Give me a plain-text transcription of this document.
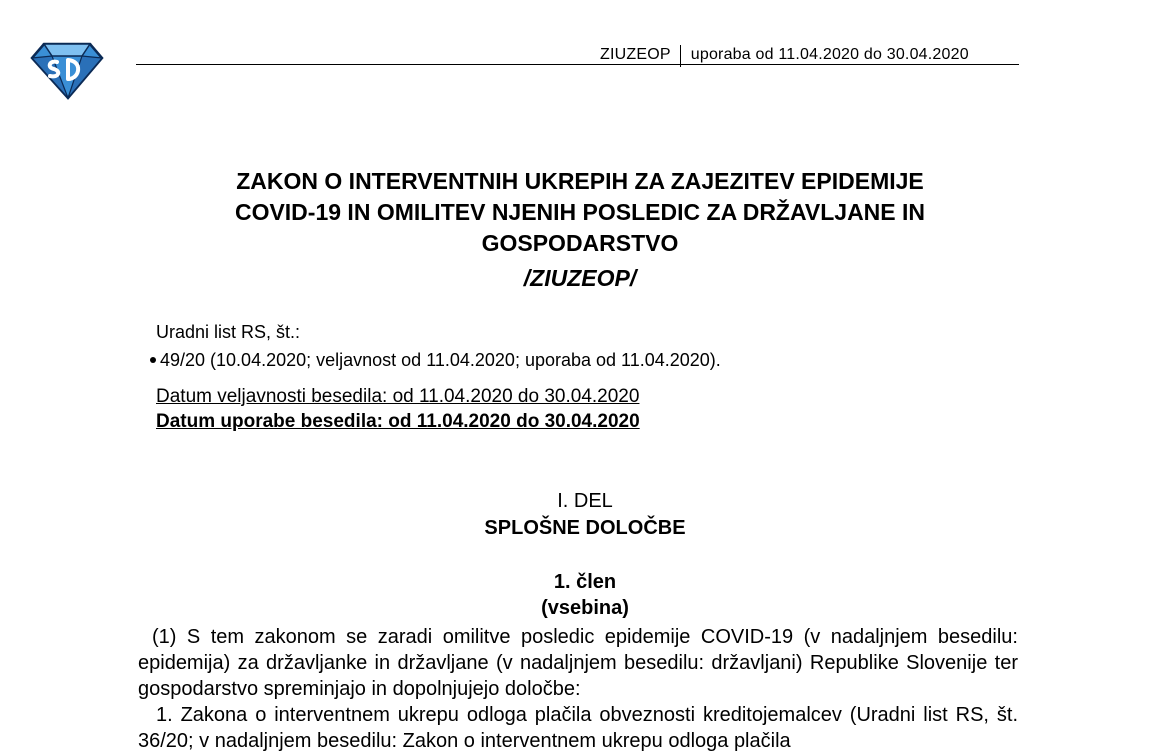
ZIUZEOP uporaba od 11.04.2020 do 30.04.2020
ZAKON O INTERVENTNIH UKREPIH ZA ZAJEZITEV EPIDEMIJE
COVID-19 IN OMILITEV NJENIH POSLEDIC ZA DRŽAVLJANE IN
GOSPODARSTVO
/ZIUZEOP/
Uradni list RS, št.:
49/20 (10.04.2020; veljavnost od 11.04.2020; uporaba od 11.04.2020).
Datum veljavnosti besedila: od 11.04.2020 do 30.04.2020
Datum uporabe besedila: od 11.04.2020 do 30.04.2020
I. DEL
SPLOŠNE DOLOČBE
1. člen
(vsebina)

(1) S tem zakonom se zaradi omilitve posledic epidemije COVID-19 (v nadaljnjem besedilu: epidemija) za državljanke in državljane (v nadaljnjem besedilu: državljani) Republike Slovenije ter gospodarstvo spreminjajo in dopolnjujejo določbe:

1. Zakona o interventnem ukrepu odloga plačila obveznosti kreditojemalcev (Uradni list RS, št. 36/20; v nadaljnjem besedilu: Zakon o interventnem ukrepu odloga plačila
